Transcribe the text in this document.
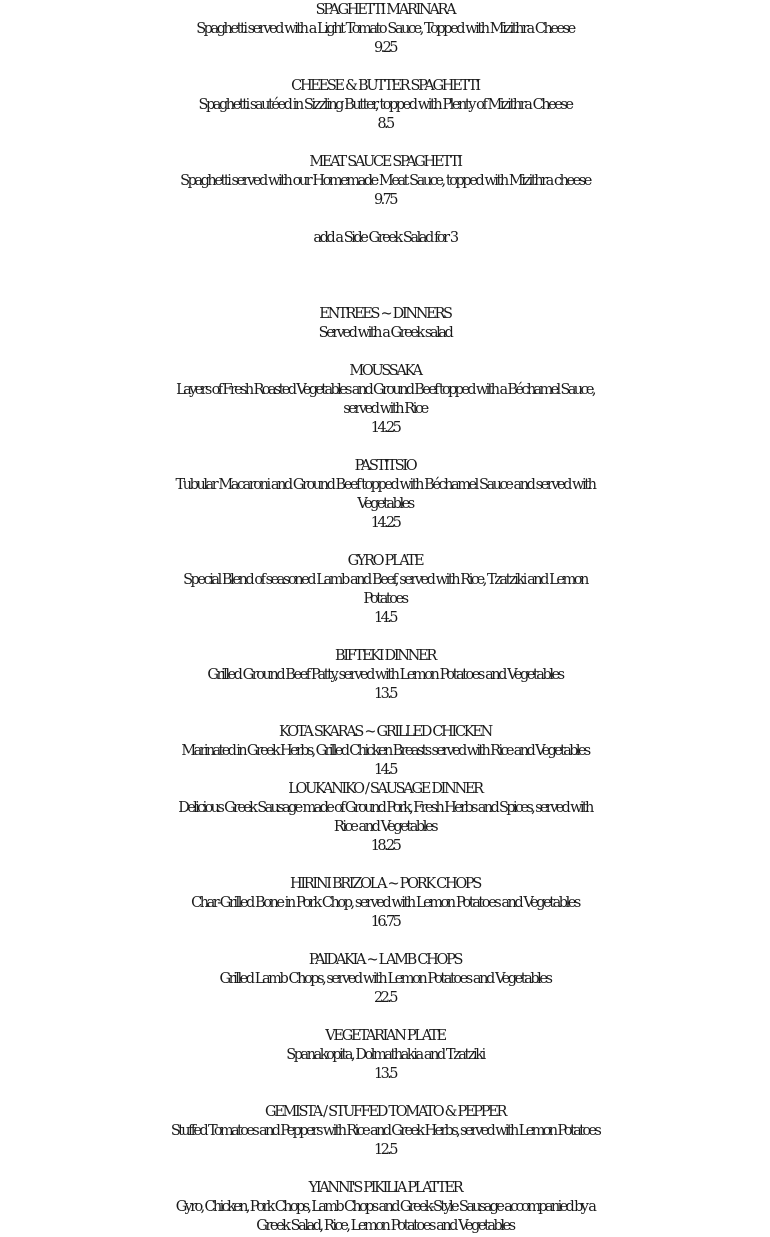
SPAGHETTI MARINARA
Spaghetti served with a Light Tomato Sauce, Topped with Mizithra Cheese
9.25
CHEESE & BUTTER SPAGHETTI
Spaghetti sautéed in Sizzling Butter, topped with Plenty of Mizithra Cheese
8.5
MEAT SAUCE SPAGHETTI
Spaghetti served with our Homemade Meat Sauce, topped with Mizithra cheese
9.75
add a Side Greek Salad for 3
ENTREES ~ DINNERS
Served with a Greek salad
MOUSSAKA
Layers of Fresh Roasted Vegetables and Ground Beef topped with a Béchamel Sauce,
served with Rice
14.25
PASTITSIO
Tubular Macaroni and Ground Beef topped with Béchamel Sauce and served with
Vegetables
14.25
GYRO PLATE
Special Blend of seasoned Lamb and Beef, served with Rice, Tzatziki and Lemon
Potatoes
14.5
BIFTEKI DINNER
Grilled Ground Beef Patty, served with Lemon Potatoes and Vegetables
13.5
KOTA SKARAS ~ GRILLED CHICKEN
Marinated in Greek Herbs, Grilled Chicken Breasts served with Rice and Vegetables
14.5
LOUKANIKO / SAUSAGE DINNER
Delicious Greek Sausage made of Ground Pork, Fresh Herbs and Spices, served with
Rice and Vegetables
18.25
HIRINI BRIZOLA ~ PORK CHOPS
Char-Grilled Bone in Pork Chop, served with Lemon Potatoes and Vegetables
16.75
PAIDAKIA ~ LAMB CHOPS
Grilled Lamb Chops, served with Lemon Potatoes and Vegetables
22.5
VEGETARIAN PLATE
Spanakopita, Dolmathakia and Tzatziki
13.5
GEMISTA / STUFFED TOMATO & PEPPER
Stuffed Tomatoes and Peppers with Rice and Greek Herbs, served with Lemon Potatoes
12.5
YIANNI'S PIKILIA PLATTER
Gyro, Chicken, Pork Chops, Lamb Chops and Greek-Style Sausage accompanied by a
Greek Salad, Rice, Lemon Potatoes and Vegetables
